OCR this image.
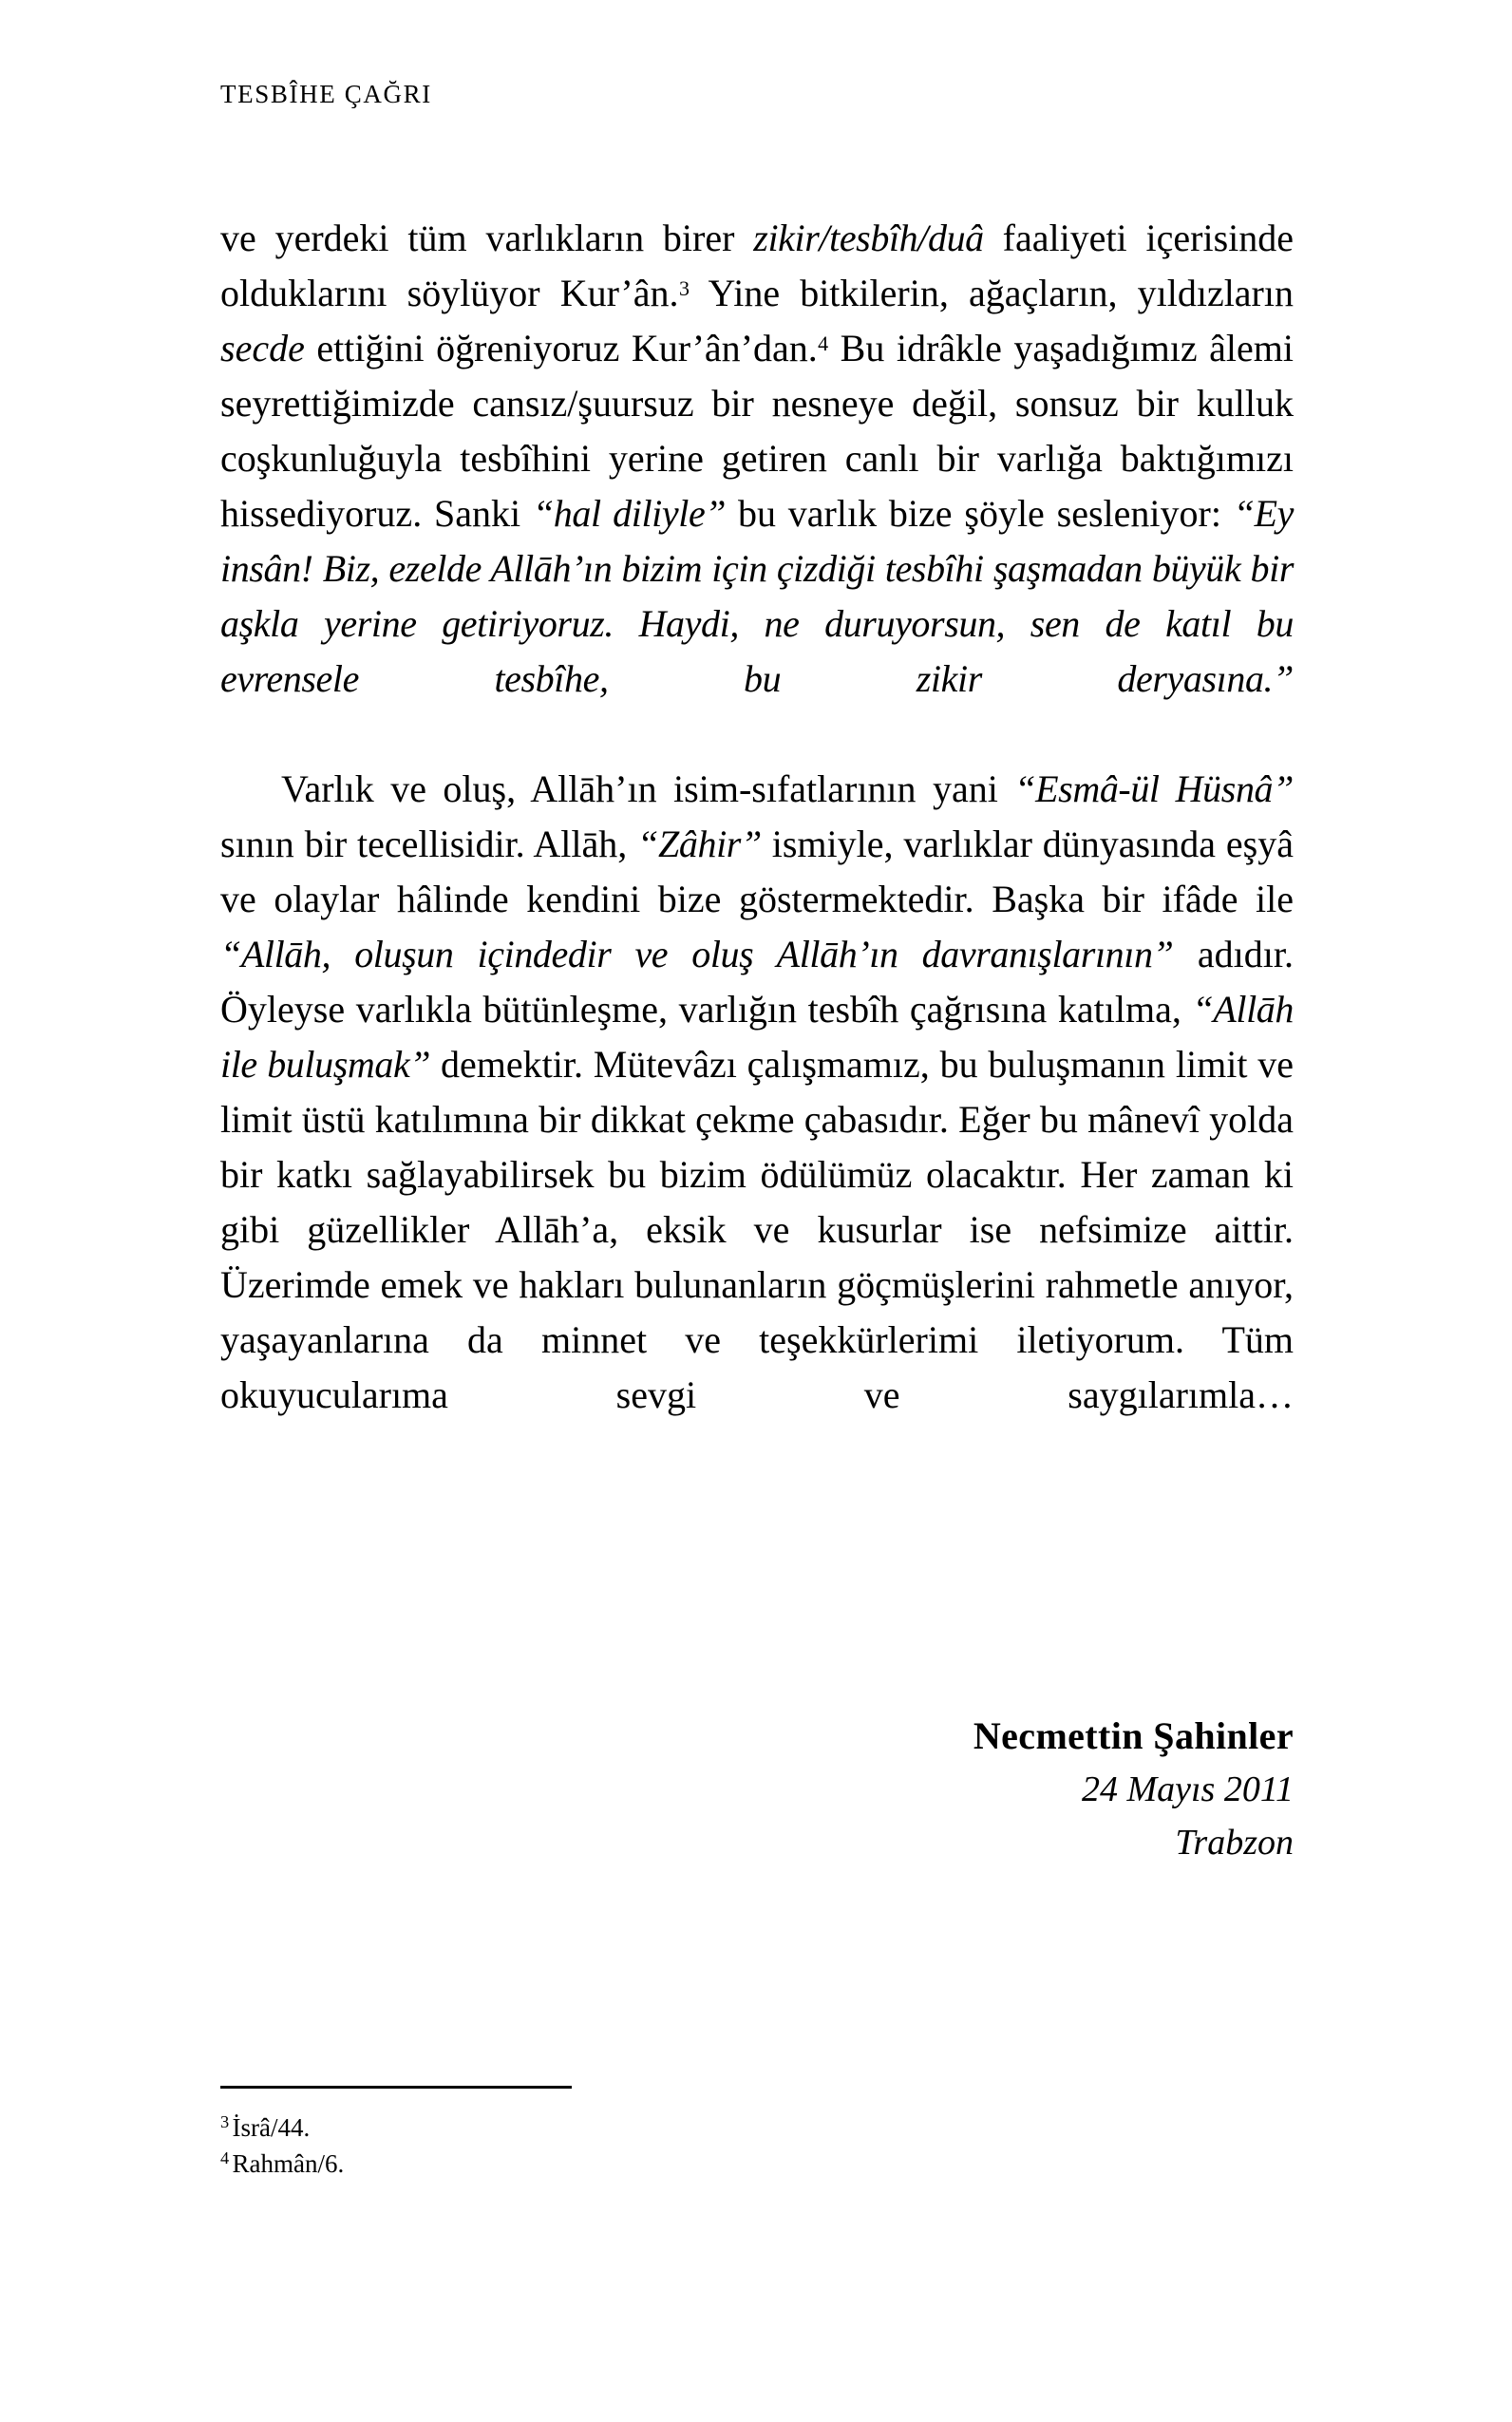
TESBÎHE ÇAĞRI

ve yerdeki tüm varlıkların birer zikir/tesbîh/duâ faaliyeti içerisinde olduklarını söylüyor Kur’ân.$^3$ Yine bitkilerin, ağaçların, yıldızların secde ettiğini öğreniyoruz Kur’ân’dan.$^4$ Bu idrâkle yaşadığımız âlemi seyrettiğimizde cansız/şuursuz bir nesneye değil, sonsuz bir kulluk coşkunluğuyla tesbîhini yerine getiren canlı bir varlığa baktığımızı hissediyoruz. Sanki “hal diliyle” bu varlık bize şöyle sesleniyor: “Ey insân! Biz, ezelde Allāh’ın bizim için çizdiği tesbîhi şaşmadan büyük bir aşkla yerine getiriyoruz. Haydi, ne duruyorsun, sen de katıl bu evrensele tesbîhe, bu zikir deryasına.”

Varlık ve oluş, Allāh’ın isim-sıfatlarının yani “Esmâ-ül Hüsnâ” sının bir tecellisidir. Allāh, “Zâhir” ismiyle, varlıklar dünyasında eşyâ ve olaylar hâlinde kendini bize göstermektedir. Başka bir ifâde ile “Allāh, oluşun içindedir ve oluş Allāh’ın davranışlarının” adıdır. Öyleyse varlıkla bütünleşme, varlığın tesbîh çağrısına katılma, “Allāh ile buluşmak” demektir. Mütevâzı çalışmamız, bu buluşmanın limit ve limit üstü katılımına bir dikkat çekme çabasıdır. Eğer bu mânevî yolda bir katkı sağlayabilirsek bu bizim ödülümüz olacaktır. Her zaman ki gibi güzellikler Allāh’a, eksik ve kusurlar ise nefsimize aittir. Üzerimde emek ve hakları bulunanların göçmüşlerini rahmetle anıyor, yaşayanlarına da minnet ve teşekkürlerimi iletiyorum. Tüm okuyucularıma sevgi ve saygılarımla…

Necmettin Şahinler
24 Mayıs 2011
Trabzon
$^3$ İsrâ/44.
$^4$ Rahmân/6.
